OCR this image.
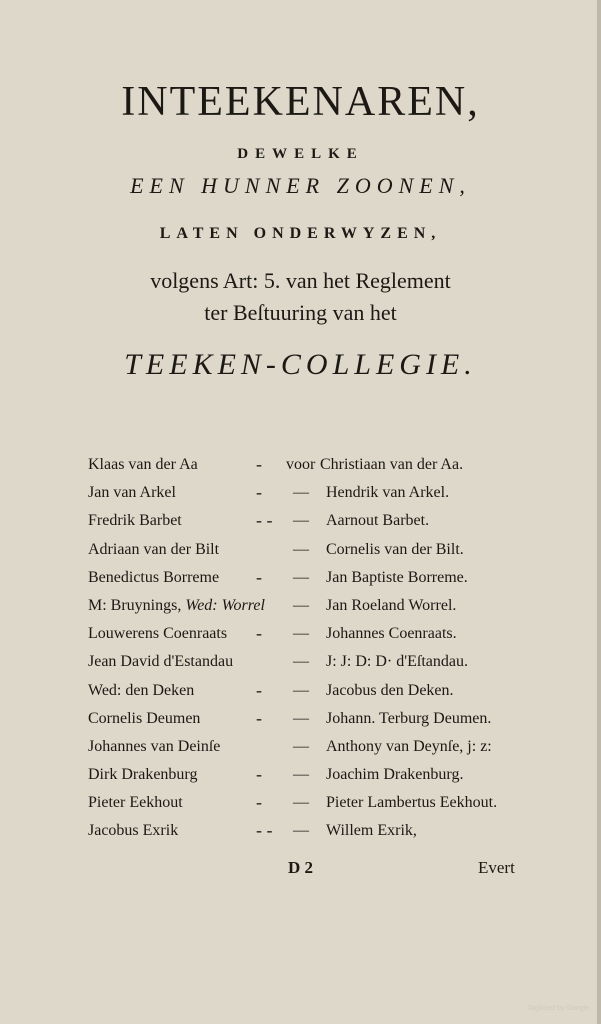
INTEEKENAREN,
DEWELKE
EEN HUNNER ZOONEN,
LATEN ONDERWYZEN,
volgens Art: 5. van het Reglement
ter Beſtuuring van het
TEEKEN-COLLEGIE.
Klaas van der Aa	- voor Christiaan van der Aa.
Jan van Arkel	- — Hendrik van Arkel.
Fredrik Barbet	- - — Aarnout Barbet.
Adriaan van der Bilt	— Cornelis van der Bilt.
Benedictus Borreme - — Jan Baptiste Borreme.
M: Bruynings, Wed: Worrel — Jan Roeland Worrel.
Louwerens Coenraats - — Johannes Coenraats.
Jean David d'Estandau	— J: J: D: D· d'Eſtandau.
Wed: den Deken	- — Jacobus den Deken.
Cornelis Deumen	- — Johann. Terburg Deumen.
Johannes van Deinſe	— Anthony van Deynſe, j: z:
Dirk Drakenburg	- — Joachim Drakenburg.
Pieter Eekhout	- — Pieter Lambertus Eekhout.
Jacobus Exrik	- - — Willem Exrik,
D 2	Evert
Digitized by Google
